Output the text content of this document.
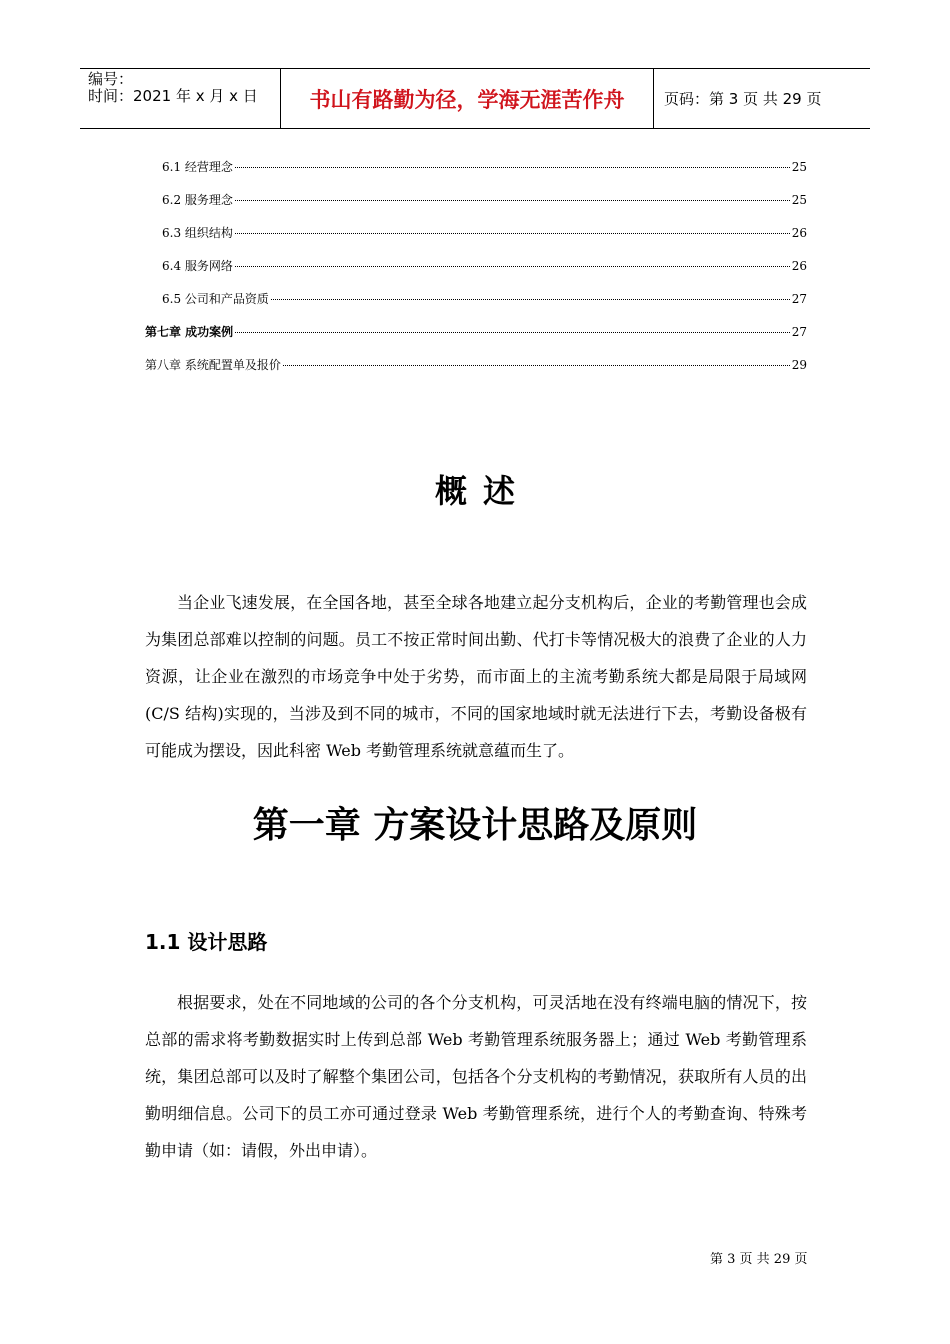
编号：
时间：2021 年 x 月 x 日	书山有路勤为径，学海无涯苦作舟	页码：第 3 页 共 29 页
6.1 经营理念	25
6.2 服务理念	25
6.3 组织结构	26
6.4 服务网络	26
6.5 公司和产品资质	27
第七章 成功案例	27
第八章 系统配置单及报价	29
概述
当企业飞速发展，在全国各地，甚至全球各地建立起分支机构后，企业的考勤管理也会成为集团总部难以控制的问题。员工不按正常时间出勤、代打卡等情况极大的浪费了企业的人力资源，让企业在激烈的市场竞争中处于劣势，而市面上的主流考勤系统大都是局限于局域网(C/S 结构)实现的，当涉及到不同的城市，不同的国家地域时就无法进行下去，考勤设备极有可能成为摆设，因此科密 Web 考勤管理系统就意蕴而生了。
第一章 方案设计思路及原则
1.1 设计思路
根据要求，处在不同地域的公司的各个分支机构，可灵活地在没有终端电脑的情况下，按总部的需求将考勤数据实时上传到总部 Web 考勤管理系统服务器上；通过 Web 考勤管理系统，集团总部可以及时了解整个集团公司，包括各个分支机构的考勤情况，获取所有人员的出勤明细信息。公司下的员工亦可通过登录 Web 考勤管理系统，进行个人的考勤查询、特殊考勤申请（如：请假，外出申请）。
第 3 页 共 29 页
